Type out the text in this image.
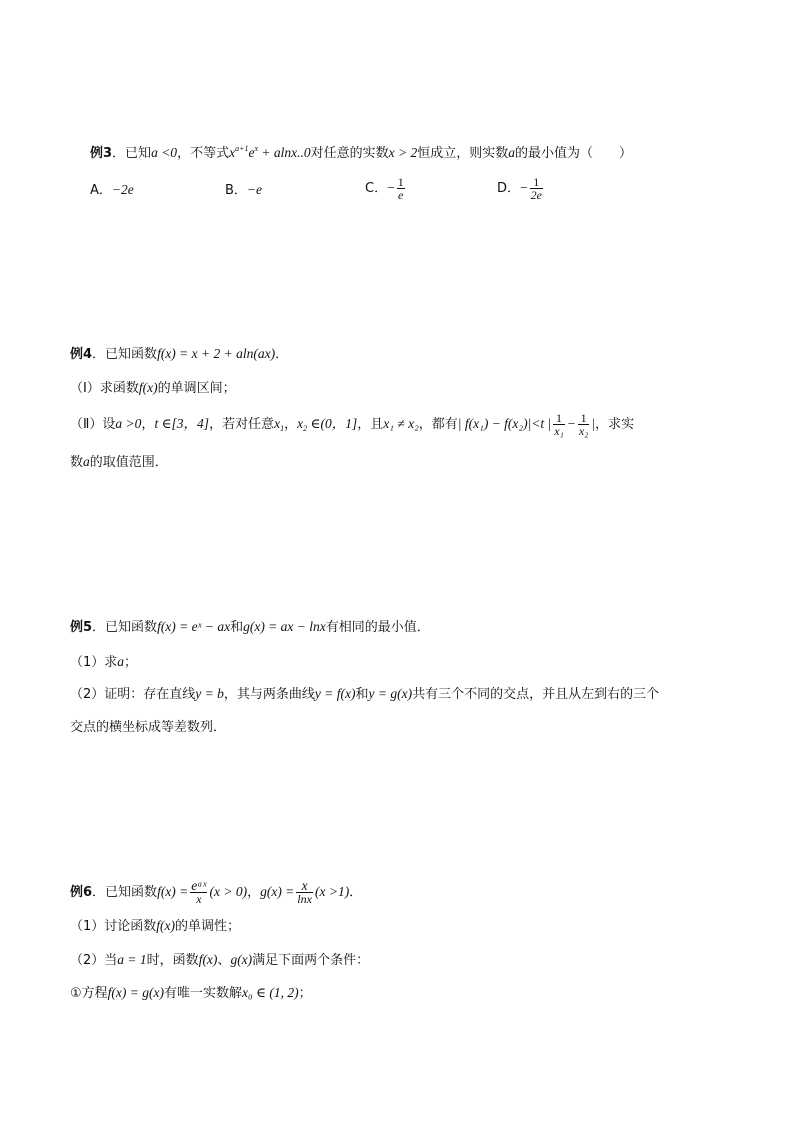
例3．已知a <0，不等式$x^{a+1}e^x + alnx..0$对任意的实数x > 2恒成立，则实数a的最小值为（　　）
A．−2e	B．−e	C．− $\frac{1}{e}$	D．− $\frac{1}{2e}$
例4．已知函数f(x) = x + 2 + aln(ax)．
（Ⅰ）求函数f(x)的单调区间；
（Ⅱ）设a >0，t ∈[3，4]，若对任意$x_1$，$x_2$ ∈(0，1]，且x₁ ≠ x₂，都有| f(x₁) − f(x₂)|<t | $\frac{1}{\text{x₁}} - \frac{1}{\text{x₂}}$ |，求实
数a的取值范围．
例5．已知函数f(x) = eˣ − ax和g(x) = ax − lnx有相同的最小值．
（1）求a；
（2）证明：存在直线y = b，其与两条曲线y = f(x)和y = g(x)共有三个不同的交点，并且从左到右的三个
交点的横坐标成等差数列．
例6．已知函数$f(x) = \frac{\text{eᵃˣ}}{x} (x > 0)$，$g(x) = \frac{x}{\ln x} (x >1)$．
（1）讨论函数f(x)的单调性；
（2）当a = 1时，函数f(x)、g(x)满足下面两个条件：
①方程f(x) = g(x)有唯一实数解x₀ ∈ (1, 2)；
